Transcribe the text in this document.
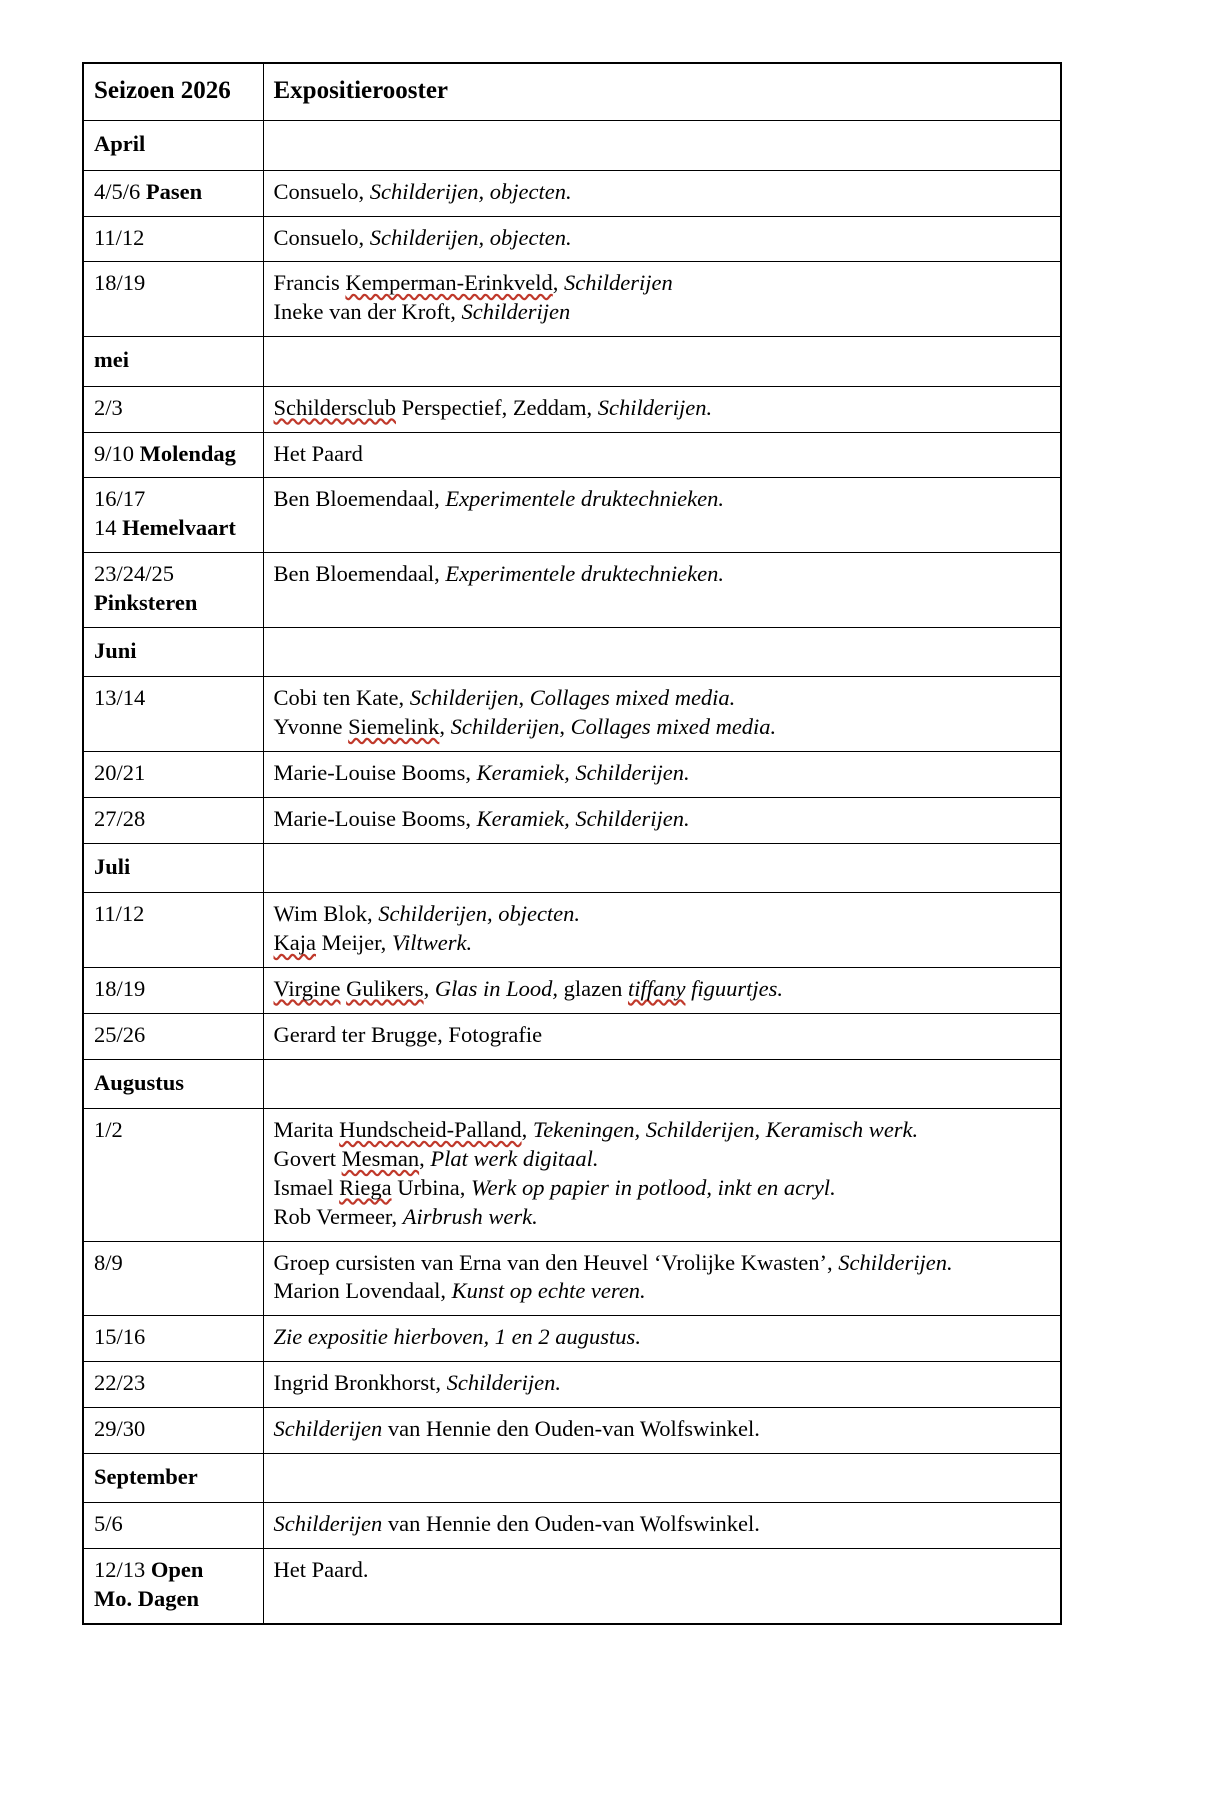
Seizoen 2026	Expositierooster
April	
4/5/6 Pasen	Consuelo, Schilderijen, objecten.

11/12	Consuelo, Schilderijen, objecten.

18/19	Francis Kemperman-Erinkveld, Schilderijen
Ineke van der Kroft, Schilderijen

mei	
2/3	Schildersclub Perspectief, Zeddam, Schilderijen.

9/10 Molendag	Het Paard

16/17
14 Hemelvaart	Ben Bloemendaal, Experimentele druktechnieken.

23/24/25
Pinksteren	Ben Bloemendaal, Experimentele druktechnieken.

Juni	
13/14	Cobi ten Kate, Schilderijen, Collages mixed media.
Yvonne Siemelink, Schilderijen, Collages mixed media.

20/21	Marie-Louise Booms, Keramiek, Schilderijen.

27/28	Marie-Louise Booms, Keramiek, Schilderijen.

Juli	
11/12	Wim Blok, Schilderijen, objecten.
Kaja Meijer, Viltwerk.

18/19	Virgine Gulikers, Glas in Lood, glazen tiffany figuurtjes.

25/26	Gerard ter Brugge, Fotografie

Augustus	
1/2	Marita Hundscheid-Palland, Tekeningen, Schilderijen, Keramisch werk.
Govert Mesman, Plat werk digitaal.
Ismael Riega Urbina, Werk op papier in potlood, inkt en acryl.
Rob Vermeer, Airbrush werk.

8/9	Groep cursisten van Erna van den Heuvel ‘Vrolijke Kwasten’, Schilderijen.
Marion Lovendaal, Kunst op echte veren.

15/16	Zie expositie hierboven, 1 en 2 augustus.

22/23	Ingrid Bronkhorst, Schilderijen.

29/30	Schilderijen van Hennie den Ouden-van Wolfswinkel.

September	
5/6	Schilderijen van Hennie den Ouden-van Wolfswinkel.

12/13 Open
Mo. Dagen	Het Paard.
